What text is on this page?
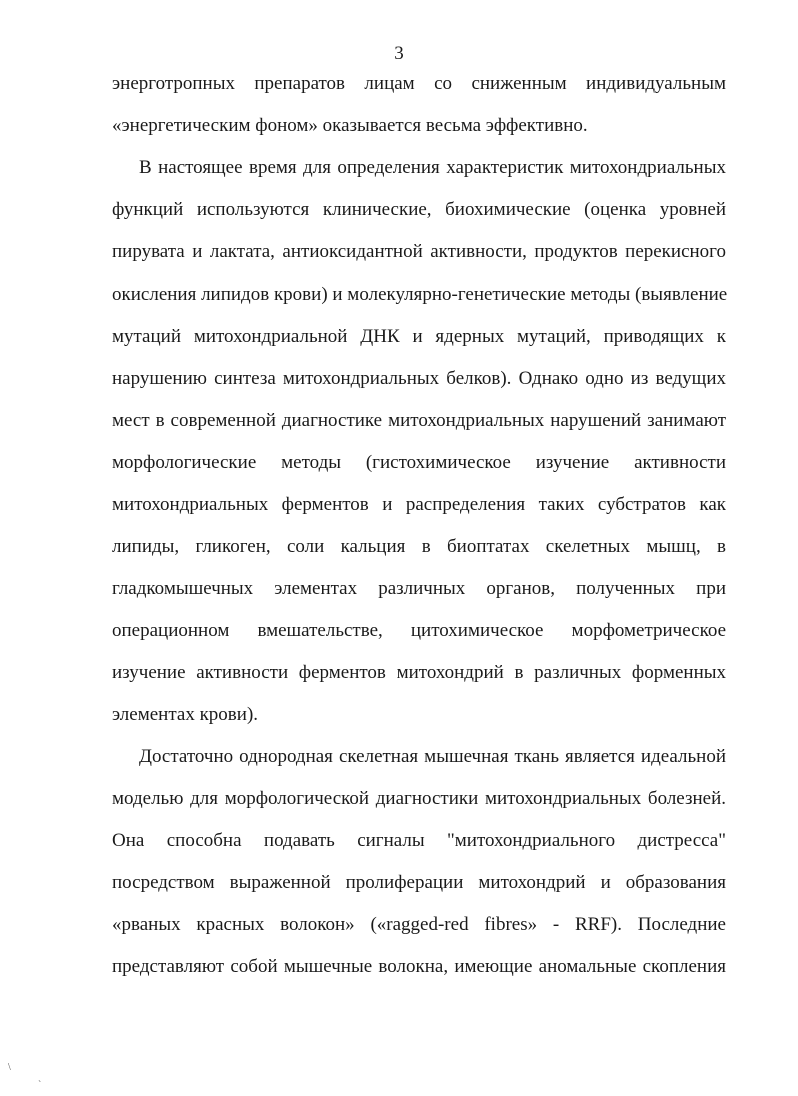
3
энерготропных препаратов лицам со сниженным индивидуальным
«энергетическим фоном» оказывается весьма эффективно.
В настоящее время для определения характеристик митохондриальных
функций используются клинические, биохимические (оценка уровней
пирувата и лактата, антиоксидантной активности, продуктов перекисного
окисления липидов крови) и молекулярно-генетические методы (выявление
мутаций митохондриальной ДНК и ядерных мутаций, приводящих к
нарушению синтеза митохондриальных белков). Однако одно из ведущих
мест в современной диагностике митохондриальных нарушений занимают
морфологические методы (гистохимическое изучение активности
митохондриальных ферментов и распределения таких субстратов как
липиды, гликоген, соли кальция в биоптатах скелетных мышц, в
гладкомышечных элементах различных органов, полученных при
операционном вмешательстве, цитохимическое морфометрическое
изучение активности ферментов митохондрий в различных форменных
элементах крови).
Достаточно однородная скелетная мышечная ткань является идеальной
моделью для морфологической диагностики митохондриальных болезней.
Она способна подавать сигналы "митохондриального дистресса"
посредством выраженной пролиферации митохондрий и образования
«рваных красных волокон» («ragged-red fibres» - RRF). Последние
представляют собой мышечные волокна, имеющие аномальные скопления
\
`
